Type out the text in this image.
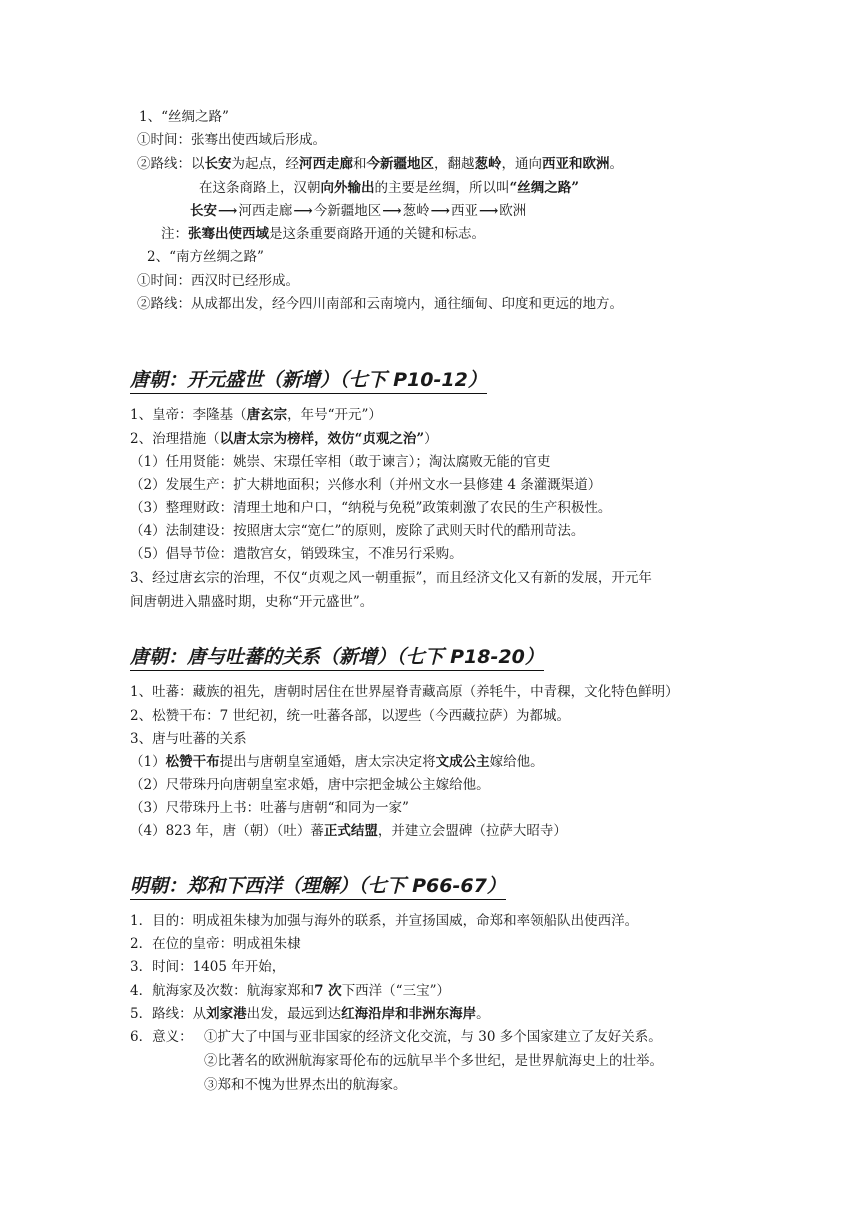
1、“丝绸之路”
①时间：张骞出使西域后形成。
②路线：以长安为起点，经河西走廊和今新疆地区，翻越葱岭，通向西亚和欧洲。
在这条商路上，汉朝向外输出的主要是丝绸，所以叫“丝绸之路”
长安⟶河西走廊⟶今新疆地区⟶葱岭⟶西亚⟶欧洲
注：张骞出使西域是这条重要商路开通的关键和标志。
2、“南方丝绸之路”
①时间：西汉时已经形成。
②路线：从成都出发，经今四川南部和云南境内，通往缅甸、印度和更远的地方。
唐朝：开元盛世（新增）（七下 P10-12）
1、皇帝：李隆基（唐玄宗，年号“开元”）
2、治理措施（以唐太宗为榜样，效仿“贞观之治”）
（1）任用贤能：姚崇、宋璟任宰相（敢于谏言）；淘汰腐败无能的官吏
（2）发展生产：扩大耕地面积；兴修水利（并州文水一县修建 4 条灌溉渠道）
（3）整理财政：清理土地和户口，“纳税与免税”政策刺激了农民的生产积极性。
（4）法制建设：按照唐太宗“宽仁”的原则，废除了武则天时代的酷刑苛法。
（5）倡导节俭：遣散宫女，销毁珠宝，不准另行采购。
3、经过唐玄宗的治理，不仅“贞观之风一朝重振”，而且经济文化又有新的发展，开元年
间唐朝进入鼎盛时期，史称“开元盛世”。
唐朝：唐与吐蕃的关系（新增）（七下 P18-20）
1、吐蕃：藏族的祖先，唐朝时居住在世界屋脊青藏高原（养牦牛，中青稞，文化特色鲜明）
2、松赞干布：7 世纪初，统一吐蕃各部，以逻些（今西藏拉萨）为都城。
3、唐与吐蕃的关系
（1）松赞干布提出与唐朝皇室通婚，唐太宗决定将文成公主嫁给他。
（2）尺带珠丹向唐朝皇室求婚，唐中宗把金城公主嫁给他。
（3）尺带珠丹上书：吐蕃与唐朝“和同为一家”
（4）823 年，唐（朝）（吐）蕃正式结盟，并建立会盟碑（拉萨大昭寺）
明朝：郑和下西洋（理解）（七下 P66-67）
1．目的：明成祖朱棣为加强与海外的联系，并宣扬国威，命郑和率领船队出使西洋。
2．在位的皇帝：明成祖朱棣
3．时间：1405 年开始，
4．航海家及次数：航海家郑和7 次下西洋（“三宝”）
5．路线：从刘家港出发，最远到达红海沿岸和非洲东海岸。
6．意义： ①扩大了中国与亚非国家的经济文化交流，与 30 多个国家建立了友好关系。
②比著名的欧洲航海家哥伦布的远航早半个多世纪，是世界航海史上的壮举。
③郑和不愧为世界杰出的航海家。
